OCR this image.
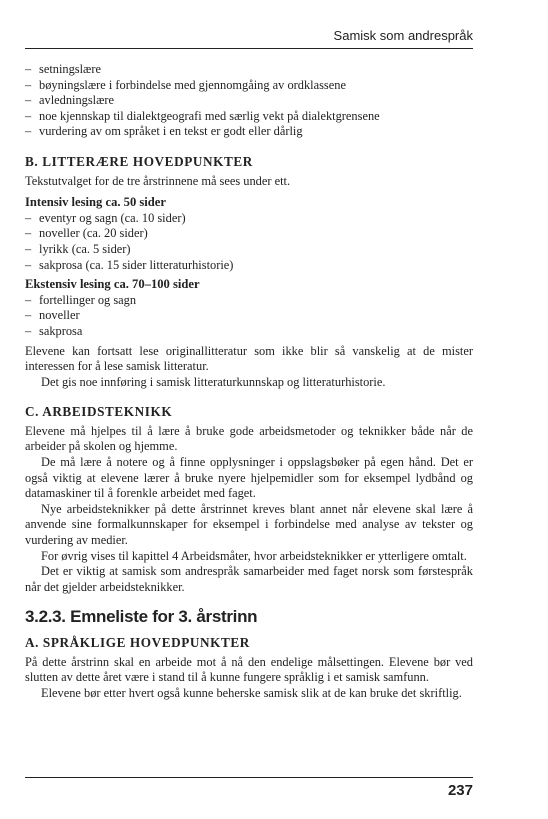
Samisk som andrespråk
– setningslære
– bøyningslære i forbindelse med gjennomgåing av ordklassene
– avledningslære
– noe kjennskap til dialektgeografi med særlig vekt på dialektgrensene
– vurdering av om språket i en tekst er godt eller dårlig
B. LITTERÆRE HOVEDPUNKTER

Tekstutvalget for de tre årstrinnene må sees under ett.

Intensiv lesing ca. 50 sider
– eventyr og sagn (ca. 10 sider)
– noveller (ca. 20 sider)
– lyrikk (ca. 5 sider)
– sakprosa (ca. 15 sider litteraturhistorie)
Ekstensiv lesing ca. 70–100 sider
– fortellinger og sagn
– noveller
– sakprosa

Elevene kan fortsatt lese originallitteratur som ikke blir så vanskelig at de mister interessen for å lese samisk litteratur.

Det gis noe innføring i samisk litteraturkunnskap og litteraturhistorie.

C. ARBEIDSTEKNIKK

Elevene må hjelpes til å lære å bruke gode arbeidsmetoder og teknikker både når de arbeider på skolen og hjemme.

De må lære å notere og å finne opplysninger i oppslagsbøker på egen hånd. Det er også viktig at elevene lærer å bruke nyere hjelpemidler som for eksempel lydbånd og datamaskiner til å forenkle arbeidet med faget.

Nye arbeidsteknikker på dette årstrinnet kreves blant annet når elevene skal lære å anvende sine formalkunnskaper for eksempel i forbindelse med analyse av tekster og vurdering av medier.

For øvrig vises til kapittel 4 Arbeidsmåter, hvor arbeidsteknikker er ytterligere omtalt.

Det er viktig at samisk som andrespråk samarbeider med faget norsk som førstespråk når det gjelder arbeidsteknikker.

3.2.3. Emneliste for 3. årstrinn
A. SPRÅKLIGE HOVEDPUNKTER

På dette årstrinn skal en arbeide mot å nå den endelige målsettingen. Elevene bør ved slutten av dette året være i stand til å kunne fungere språklig i et samisk samfunn.

Elevene bør etter hvert også kunne beherske samisk slik at de kan bruke det skriftlig.

237
